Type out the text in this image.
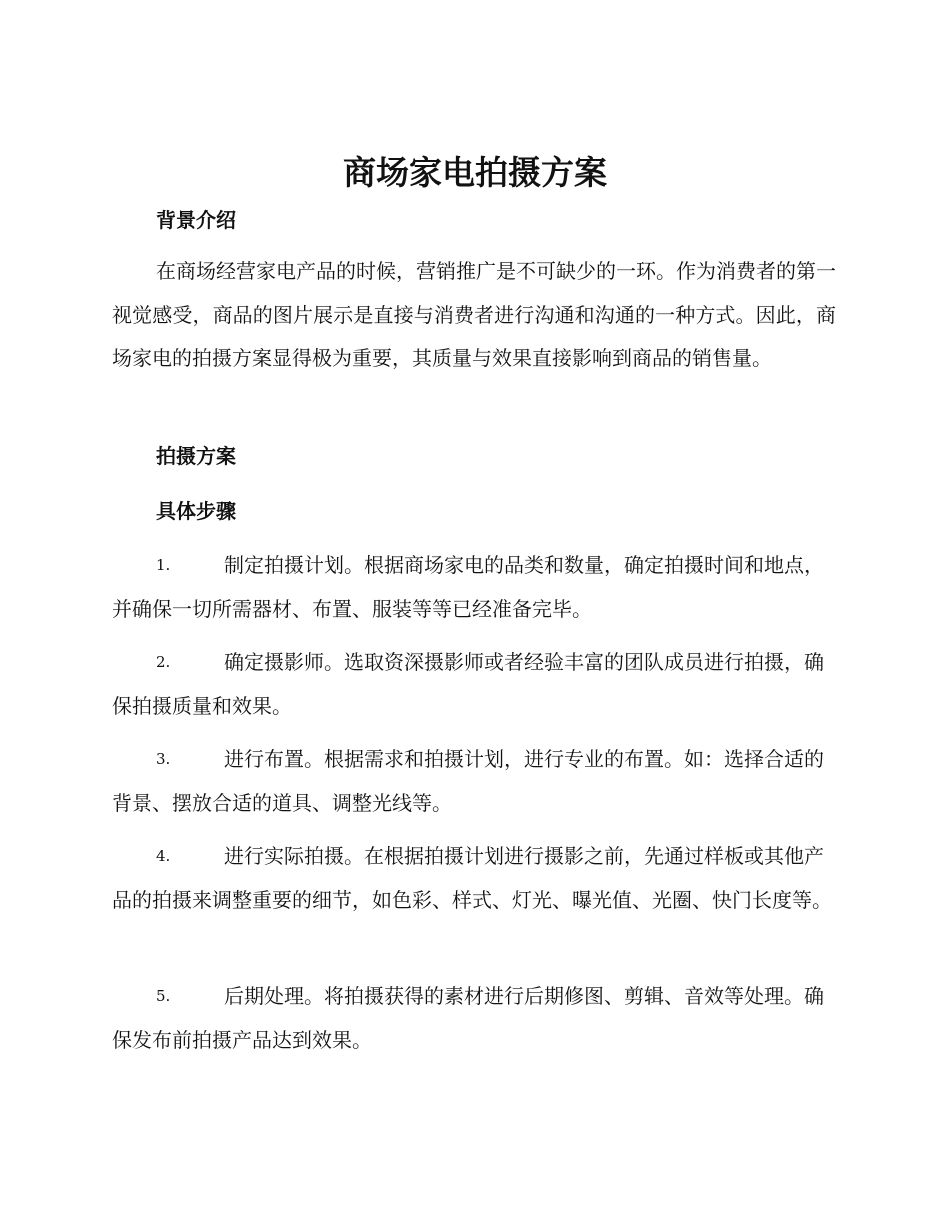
商场家电拍摄方案
背景介绍

在商场经营家电产品的时候，营销推广是不可缺少的一环。作为消费者的第一视觉感受，商品的图片展示是直接与消费者进行沟通和沟通的一种方式。因此，商场家电的拍摄方案显得极为重要，其质量与效果直接影响到商品的销售量。

拍摄方案
具体步骤

1.	制定拍摄计划。根据商场家电的品类和数量，确定拍摄时间和地点，并确保一切所需器材、布置、服装等等已经准备完毕。

2.	确定摄影师。选取资深摄影师或者经验丰富的团队成员进行拍摄，确保拍摄质量和效果。

3.	进行布置。根据需求和拍摄计划，进行专业的布置。如：选择合适的背景、摆放合适的道具、调整光线等。

4.	进行实际拍摄。在根据拍摄计划进行摄影之前，先通过样板或其他产品的拍摄来调整重要的细节，如色彩、样式、灯光、曝光值、光圈、快门长度等。

5.	后期处理。将拍摄获得的素材进行后期修图、剪辑、音效等处理。确保发布前拍摄产品达到效果。
